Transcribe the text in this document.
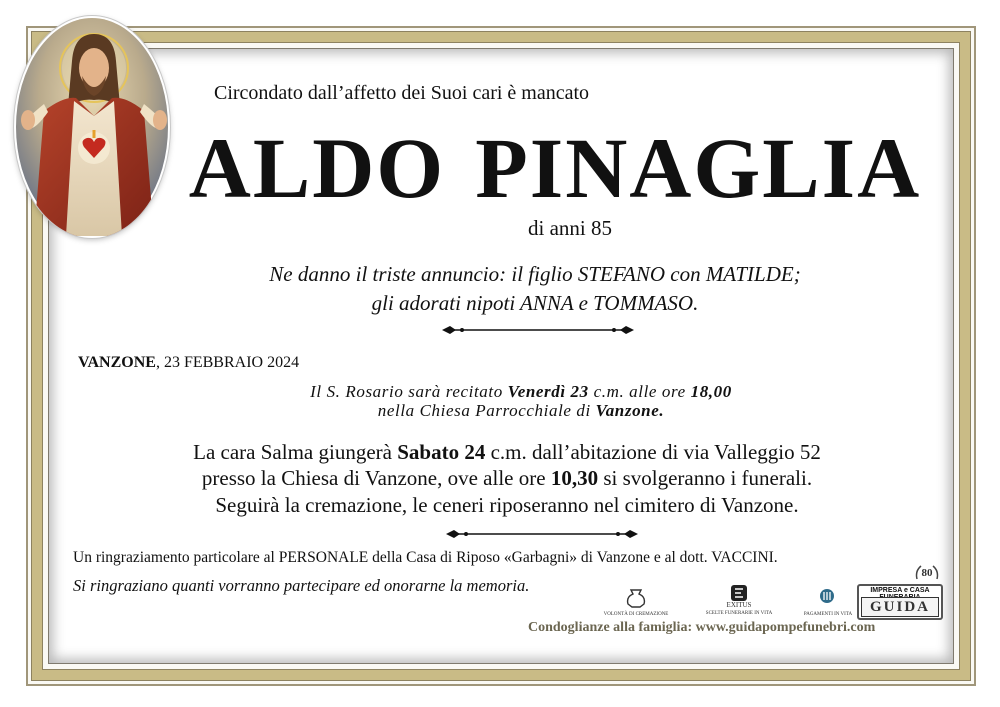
Circondato dall’affetto dei Suoi cari è mancato
ALDO PINAGLIA
di anni 85
Ne danno il triste annuncio: il figlio STEFANO con MATILDE;
gli adorati nipoti ANNA e TOMMASO.
VANZONE, 23 FEBBRAIO 2024
Il S. Rosario sarà recitato Venerdì 23 c.m. alle ore 18,00
nella Chiesa Parrocchiale di Vanzone.
La cara Salma giungerà Sabato 24 c.m. dall’abitazione di via Valleggio 52
presso la Chiesa di Vanzone, ove alle ore 10,30 si svolgeranno i funerali.
Seguirà la cremazione, le ceneri riposeranno nel cimitero di Vanzone.
Un ringraziamento particolare al PERSONALE della Casa di Riposo «Garbagni» di Vanzone e al dott. VACCINI.
Si ringraziano quanti vorranno partecipare ed onorarne la memoria.
VOLONTÀ DI CREMAZIONE
EXITUS
SCELTE FUNERARIE IN VITA	PAGAMENTI IN VITA
80
IMPRESA e CASA
GUIDA
Condoglianze alla famiglia: www.guidapompefunebri.com
